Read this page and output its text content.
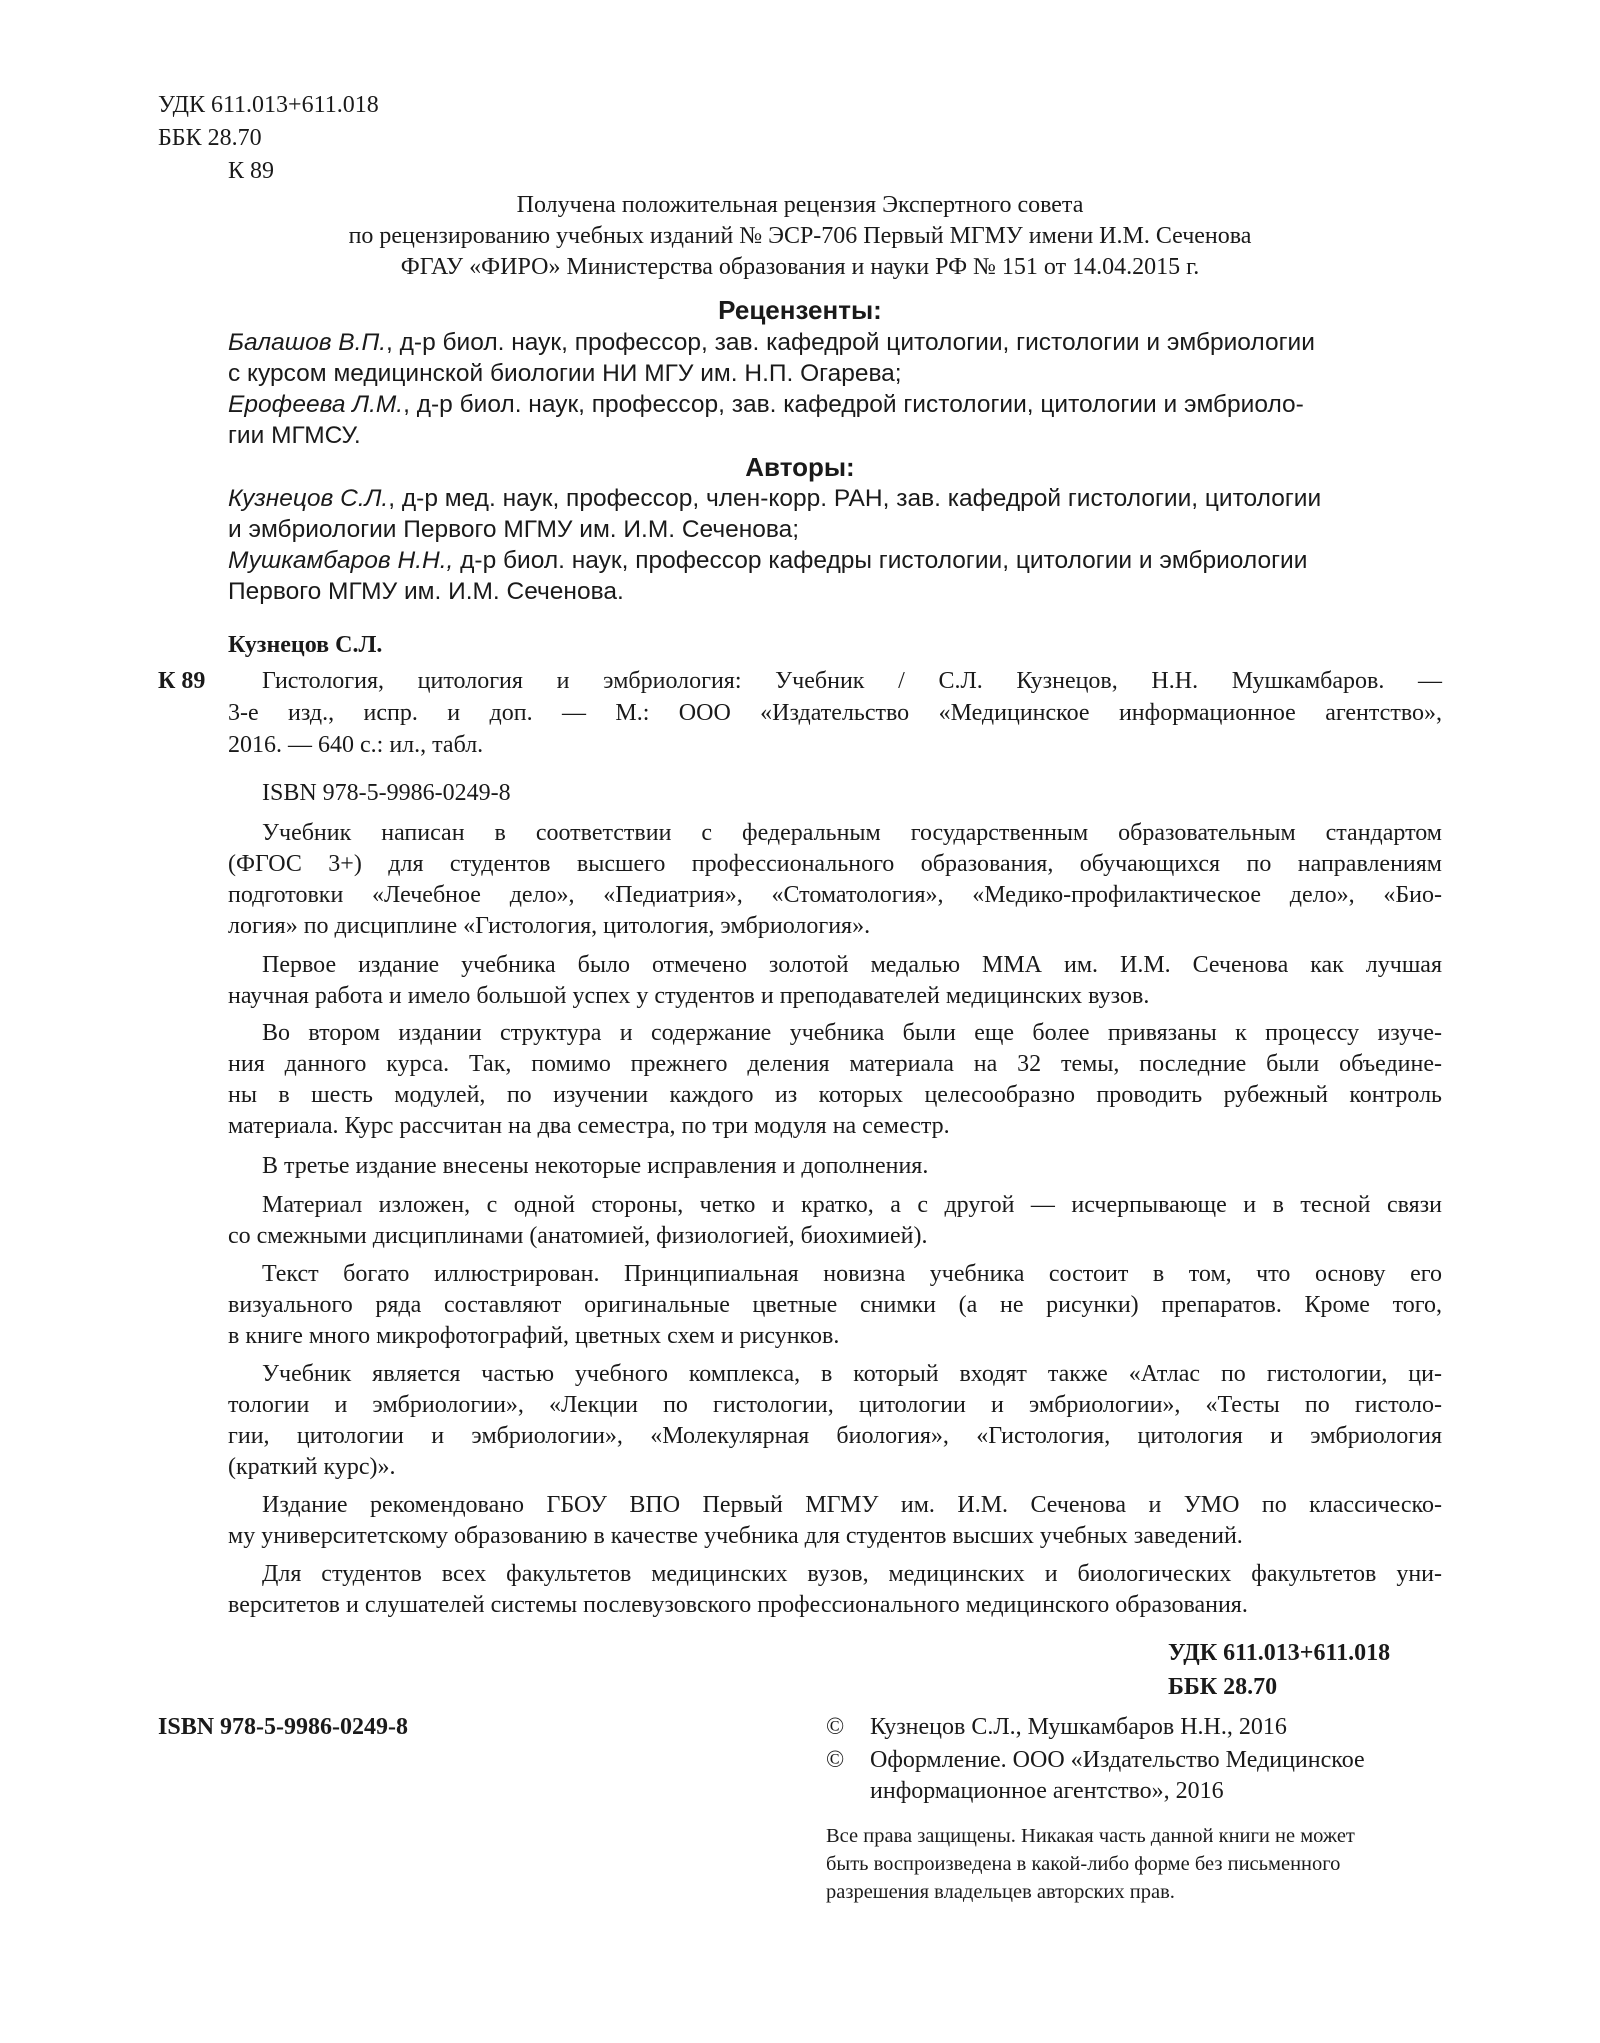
УДК 611.013+611.018
ББК 28.70
К 89
Получена положительная рецензия Экспертного совета
по рецензированию учебных изданий № ЭСР-706 Первый МГМУ имени И.М. Сеченова
ФГАУ «ФИРО» Министерства образования и науки РФ № 151 от 14.04.2015 г.
Рецензенты:
Балашов В.П., д-р биол. наук, профессор, зав. кафедрой цитологии, гистологии и эмбриологии
с курсом медицинской биологии НИ МГУ им. Н.П. Огарева;
Ерофеева Л.М., д-р биол. наук, профессор, зав. кафедрой гистологии, цитологии и эмбриоло-
гии МГМСУ.
Авторы:
Кузнецов С.Л., д-р мед. наук, профессор, член-корр. РАН, зав. кафедрой гистологии, цитологии
и эмбриологии Первого МГМУ им. И.М. Сеченова;
Мушкамбаров Н.Н., д-р биол. наук, профессор кафедры гистологии, цитологии и эмбриологии
Первого МГМУ им. И.М. Сеченова.
Кузнецов С.Л.
К 89 Гистология, цитология и эмбриология: Учебник / С.Л. Кузнецов, Н.Н. Мушкамбаров. —
3-е изд., испр. и доп. — М.: ООО «Издательство «Медицинское информационное агентство»,
2016. — 640 с.: ил., табл.
ISBN 978-5-9986-0249-8
Учебник написан в соответствии с федеральным государственным образовательным стандартом
(ФГОС 3+) для студентов высшего профессионального образования, обучающихся по направлениям
подготовки «Лечебное дело», «Педиатрия», «Стоматология», «Медико-профилактическое дело», «Био-
логия» по дисциплине «Гистология, цитология, эмбриология».
Первое издание учебника было отмечено золотой медалью ММА им. И.М. Сеченова как лучшая
научная работа и имело большой успех у студентов и преподавателей медицинских вузов.
Во втором издании структура и содержание учебника были еще более привязаны к процессу изуче-
ния данного курса. Так, помимо прежнего деления материала на 32 темы, последние были объедине-
ны в шесть модулей, по изучении каждого из которых целесообразно проводить рубежный контроль
материала. Курс рассчитан на два семестра, по три модуля на семестр.
В третье издание внесены некоторые исправления и дополнения.
Материал изложен, с одной стороны, четко и кратко, а с другой — исчерпывающе и в тесной связи
со смежными дисциплинами (анатомией, физиологией, биохимией).
Текст богато иллюстрирован. Принципиальная новизна учебника состоит в том, что основу его
визуального ряда составляют оригинальные цветные снимки (а не рисунки) препаратов. Кроме того,
в книге много микрофотографий, цветных схем и рисунков.
Учебник является частью учебного комплекса, в который входят также «Атлас по гистологии, ци-
тологии и эмбриологии», «Лекции по гистологии, цитологии и эмбриологии», «Тесты по гистоло-
гии, цитологии и эмбриологии», «Молекулярная биология», «Гистология, цитология и эмбриология
(краткий курс)».
Издание рекомендовано ГБОУ ВПО Первый МГМУ им. И.М. Сеченова и УМО по классическо-
му университетскому образованию в качестве учебника для студентов высших учебных заведений.
Для студентов всех факультетов медицинских вузов, медицинских и биологических факультетов уни-
верситетов и слушателей системы послевузовского профессионального медицинского образования.
УДК 611.013+611.018
ББК 28.70
ISBN 978-5-9986-0249-8	© Кузнецов С.Л., Мушкамбаров Н.Н., 2016
© Оформление. ООО «Издательство Медицинское
информационное агентство», 2016
Все права защищены. Никакая часть данной книги не может
быть воспроизведена в какой-либо форме без письменного
разрешения владельцев авторских прав.
